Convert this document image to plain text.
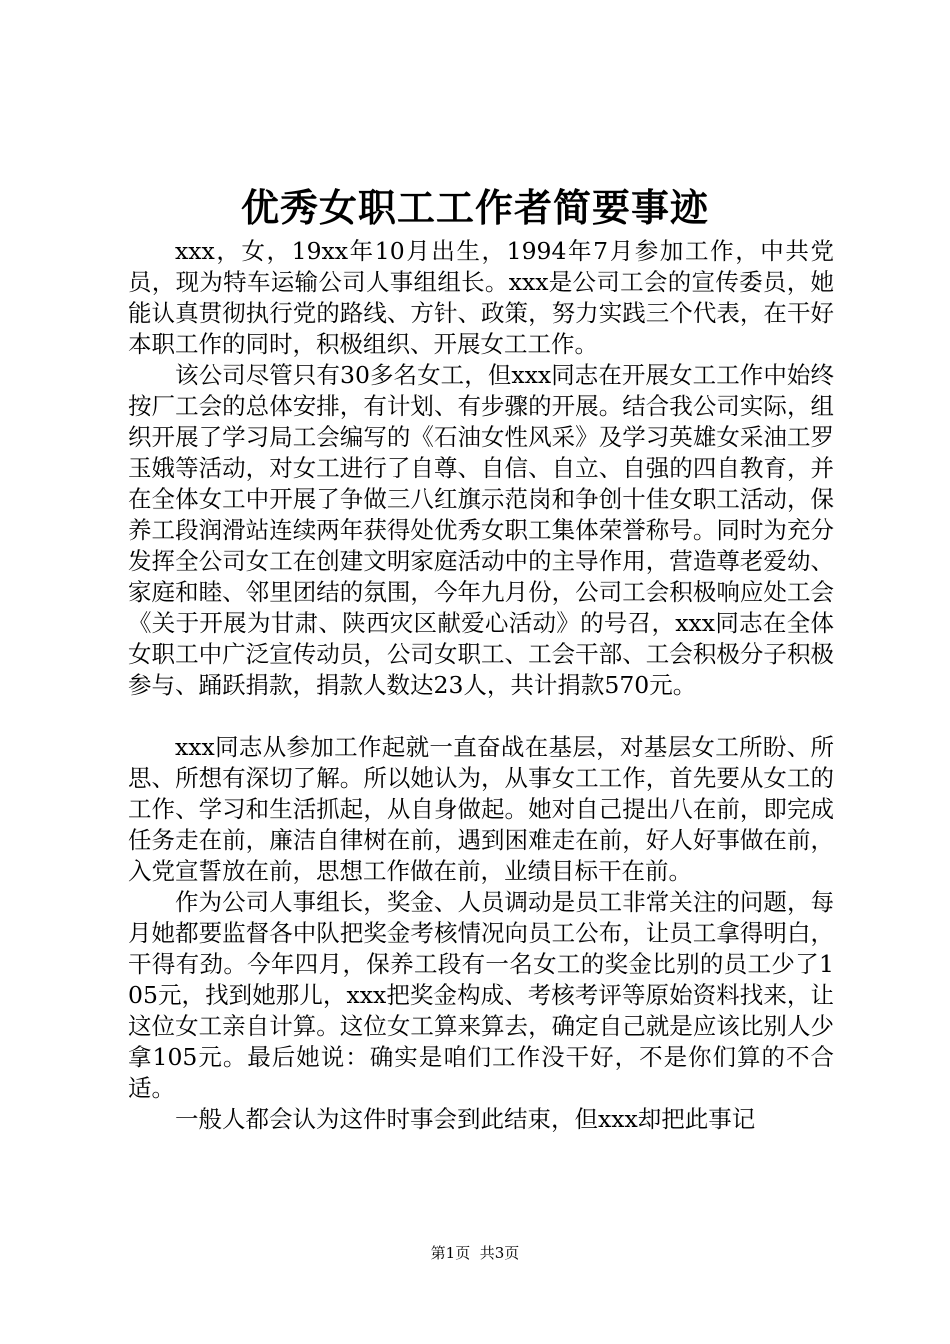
优秀女职工工作者简要事迹

xxx，女，19xx年10月出生，1994年7月参加工作，中共党员，现为特车运输公司人事组组长。xxx是公司工会的宣传委员，她能认真贯彻执行党的路线、方针、政策，努力实践三个代表，在干好本职工作的同时，积极组织、开展女工工作。

该公司尽管只有30多名女工，但xxx同志在开展女工工作中始终按厂工会的总体安排，有计划、有步骤的开展。结合我公司实际，组织开展了学习局工会编写的《石油女性风采》及学习英雄女采油工罗玉娥等活动，对女工进行了自尊、自信、自立、自强的四自教育，并在全体女工中开展了争做三八红旗示范岗和争创十佳女职工活动，保养工段润滑站连续两年获得处优秀女职工集体荣誉称号。同时为充分发挥全公司女工在创建文明家庭活动中的主导作用，营造尊老爱幼、家庭和睦、邻里团结的氛围，今年九月份，公司工会积极响应处工会《关于开展为甘肃、陕西灾区献爱心活动》的号召，xxx同志在全体女职工中广泛宣传动员，公司女职工、工会干部、工会积极分子积极参与、踊跃捐款，捐款人数达23人，共计捐款570元。

xxx同志从参加工作起就一直奋战在基层，对基层女工所盼、所思、所想有深切了解。所以她认为，从事女工工作，首先要从女工的工作、学习和生活抓起，从自身做起。她对自己提出八在前，即完成任务走在前，廉洁自律树在前，遇到困难走在前，好人好事做在前，入党宣誓放在前，思想工作做在前，业绩目标干在前。

作为公司人事组长，奖金、人员调动是员工非常关注的问题，每月她都要监督各中队把奖金考核情况向员工公布，让员工拿得明白，干得有劲。今年四月，保养工段有一名女工的奖金比别的员工少了105元，找到她那儿，xxx把奖金构成、考核考评等原始资料找来，让这位女工亲自计算。这位女工算来算去，确定自己就是应该比别人少拿105元。最后她说：确实是咱们工作没干好，不是你们算的不合适。

一般人都会认为这件时事会到此结束，但xxx却把此事记

第1页 共3页
